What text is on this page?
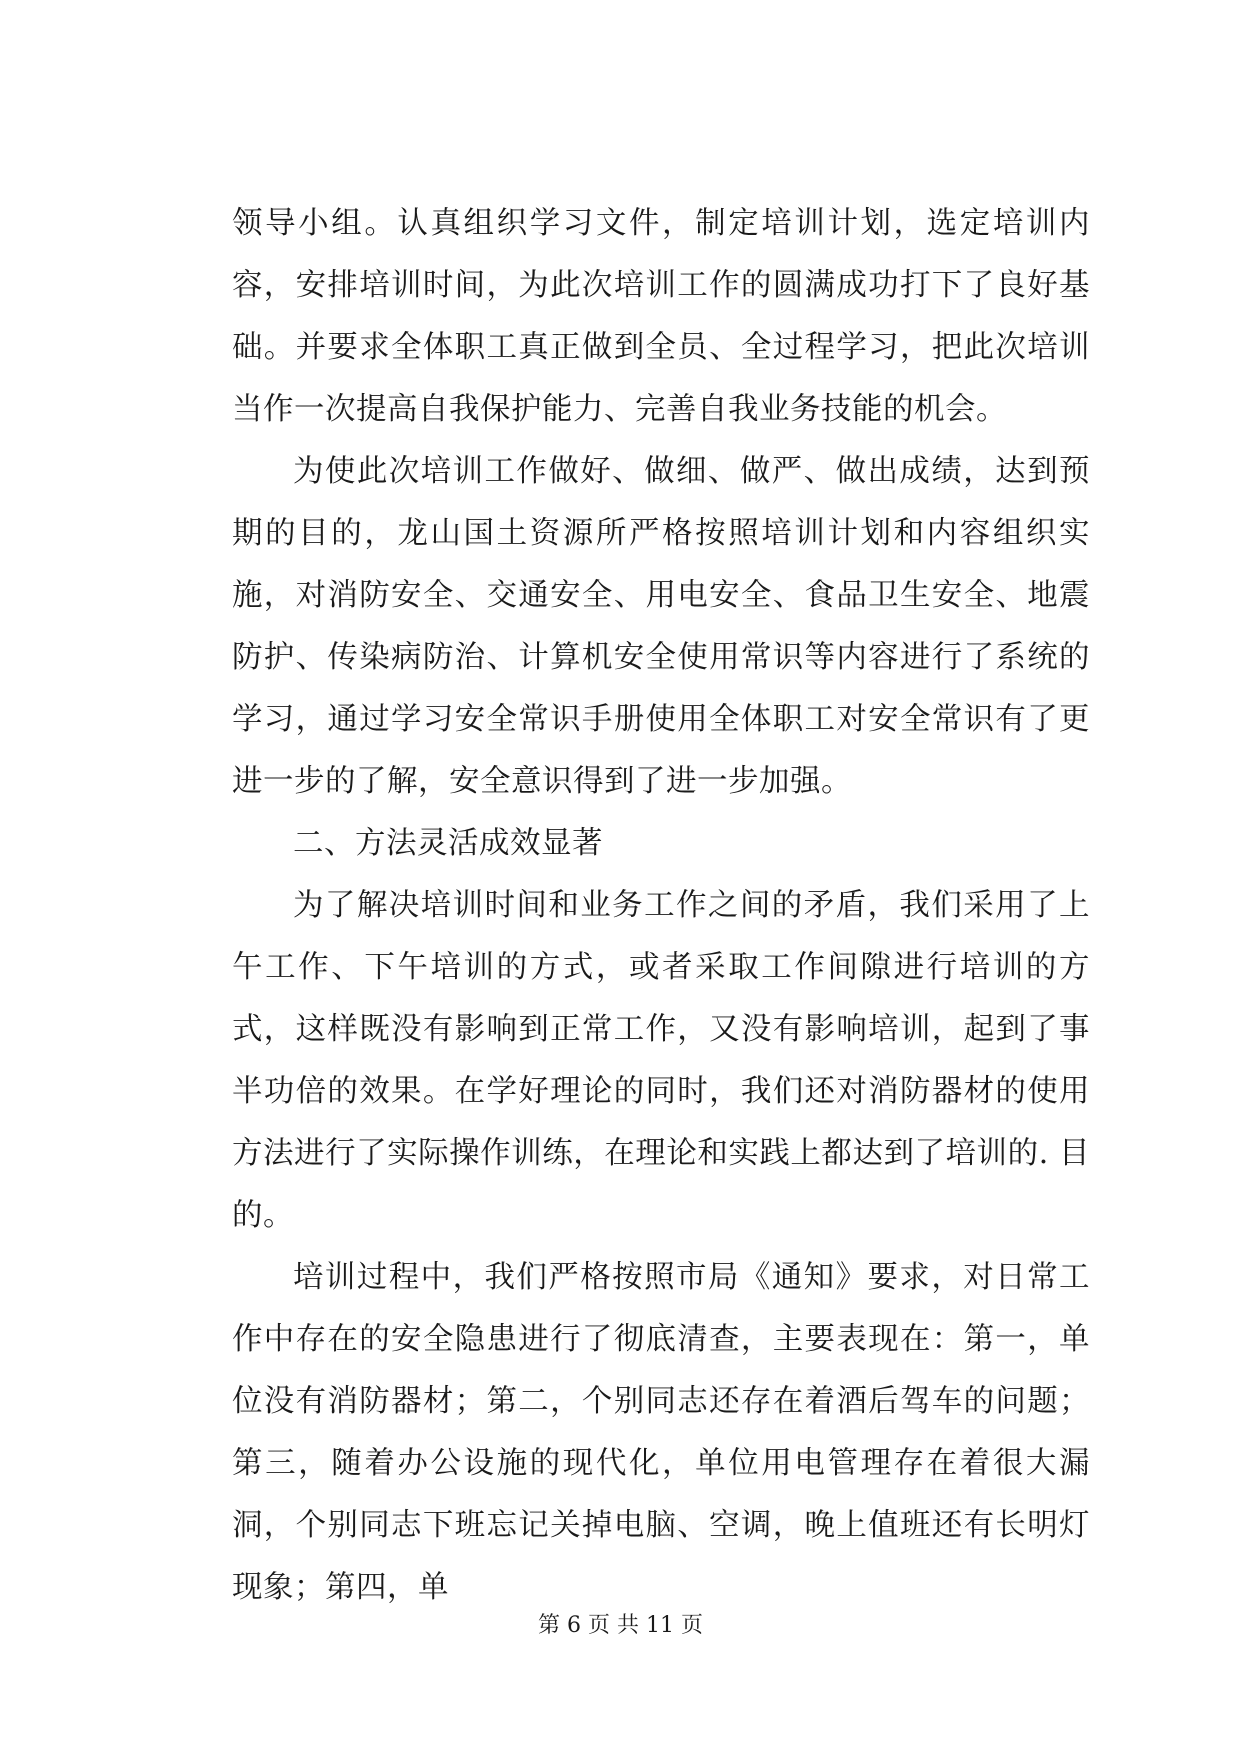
领导小组。认真组织学习文件，制定培训计划，选定培训内容，安排培训时间，为此次培训工作的圆满成功打下了良好基础。并要求全体职工真正做到全员、全过程学习，把此次培训当作一次提高自我保护能力、完善自我业务技能的机会。

为使此次培训工作做好、做细、做严、做出成绩，达到预期的目的，龙山国土资源所严格按照培训计划和内容组织实施，对消防安全、交通安全、用电安全、食品卫生安全、地震防护、传染病防治、计算机安全使用常识等内容进行了系统的学习，通过学习安全常识手册使用全体职工对安全常识有了更进一步的了解，安全意识得到了进一步加强。

二、方法灵活成效显著

为了解决培训时间和业务工作之间的矛盾，我们采用了上午工作、下午培训的方式，或者采取工作间隙进行培训的方式，这样既没有影响到正常工作，又没有影响培训，起到了事半功倍的效果。在学好理论的同时，我们还对消防器材的使用方法进行了实际操作训练，在理论和实践上都达到了培训的. 目的。

培训过程中，我们严格按照市局《通知》要求，对日常工作中存在的安全隐患进行了彻底清查，主要表现在：第一，单位没有消防器材；第二，个别同志还存在着酒后驾车的问题；第三，随着办公设施的现代化，单位用电管理存在着很大漏洞，个别同志下班忘记关掉电脑、空调，晚上值班还有长明灯现象；第四，单

第 6 页 共 11 页
